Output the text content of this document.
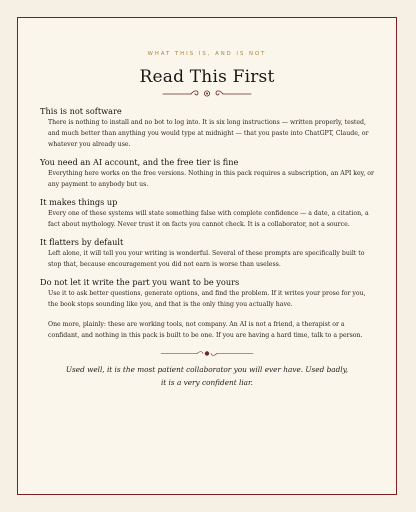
WHAT THIS IS, AND IS NOT

Read This First
This is not software

There is nothing to install and no bot to log into. It is six long instructions — written properly, tested, and much better than anything you would type at midnight — that you paste into ChatGPT, Claude, or whatever you already use.

You need an AI account, and the free tier is fine

Everything here works on the free versions. Nothing in this pack requires a subscription, an API key, or any payment to anybody but us.

It makes things up

Every one of these systems will state something false with complete confidence — a date, a citation, a fact about mythology. Never trust it on facts you cannot check. It is a collaborator, not a source.

It flatters by default

Left alone, it will tell you your writing is wonderful. Several of these prompts are specifically built to stop that, because encouragement you did not earn is worse than useless.

Do not let it write the part you want to be yours

Use it to ask better questions, generate options, and find the problem. If it writes your prose for you, the book stops sounding like you, and that is the only thing you actually have.

One more, plainly: these are working tools, not company. An AI is not a friend, a therapist or a confidant, and nothing in this pack is built to be one. If you are having a hard time, talk to a person.

Used well, it is the most patient collaborator you will ever have. Used badly,
it is a very confident liar.
